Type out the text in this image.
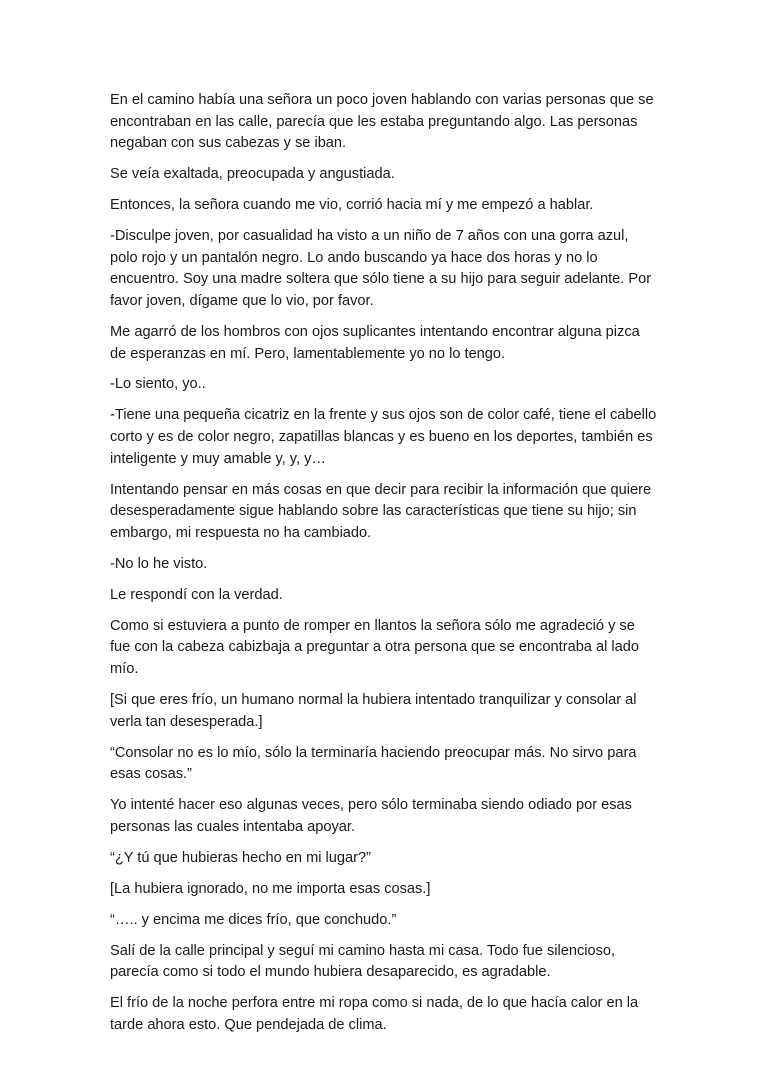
En el camino había una señora un poco joven hablando con varias personas que se encontraban en las calle, parecía que les estaba preguntando algo. Las personas negaban con sus cabezas y se iban.

Se veía exaltada, preocupada y angustiada.

Entonces, la señora cuando me vio, corrió hacia mí y me empezó a hablar.

-Disculpe joven, por casualidad ha visto a un niño de 7 años con una gorra azul, polo rojo y un pantalón negro. Lo ando buscando ya hace dos horas y no lo encuentro. Soy una madre soltera que sólo tiene a su hijo para seguir adelante. Por favor joven, dígame que lo vio, por favor.

Me agarró de los hombros con ojos suplicantes intentando encontrar alguna pizca de esperanzas en mí. Pero, lamentablemente yo no lo tengo.

-Lo siento, yo..

-Tiene una pequeña cicatriz en la frente y sus ojos son de color café, tiene el cabello corto y es de color negro, zapatillas blancas y es bueno en los deportes, también es inteligente y muy amable y, y, y…

Intentando pensar en más cosas en que decir para recibir la información que quiere desesperadamente sigue hablando sobre las características que tiene su hijo; sin embargo, mi respuesta no ha cambiado.

-No lo he visto.

Le respondí con la verdad.

Como si estuviera a punto de romper en llantos la señora sólo me agradeció y se fue con la cabeza cabizbaja a preguntar a otra persona que se encontraba al lado mío.

[Si que eres frío, un humano normal la hubiera intentado tranquilizar y consolar al verla tan desesperada.]

“Consolar no es lo mío, sólo la terminaría haciendo preocupar más. No sirvo para esas cosas.”

Yo intenté hacer eso algunas veces, pero sólo terminaba siendo odiado por esas personas las cuales intentaba apoyar.

“¿Y tú que hubieras hecho en mi lugar?”

[La hubiera ignorado, no me importa esas cosas.]

“….. y encima me dices frío, que conchudo.”

Salí de la calle principal y seguí mi camino hasta mi casa. Todo fue silencioso, parecía como si todo el mundo hubiera desaparecido, es agradable.

El frío de la noche perfora entre mi ropa como si nada, de lo que hacía calor en la tarde ahora esto. Que pendejada de clima.
